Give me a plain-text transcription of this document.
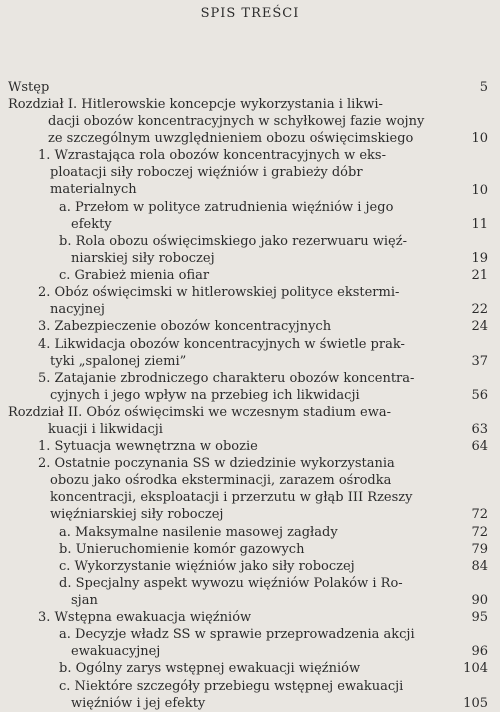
SPIS TREŚCI
Wstęp	5
Rozdział I. Hitlerowskie koncepcje wykorzystania i likwi-
dacji obozów koncentracyjnych w schyłkowej fazie wojny
ze szczególnym uwzględnieniem obozu oświęcimskiego	10
1. Wzrastająca rola obozów koncentracyjnych w eks-
ploatacji siły roboczej więźniów i grabieży dóbr
materialnych	10
a. Przełom w polityce zatrudnienia więźniów i jego
efekty	11
b. Rola obozu oświęcimskiego jako rezerwuaru więź-
niarskiej siły roboczej	19
c. Grabież mienia ofiar	21
2. Obóz oświęcimski w hitlerowskiej polityce ekstermi-
nacyjnej	22
3. Zabezpieczenie obozów koncentracyjnych	24
4. Likwidacja obozów koncentracyjnych w świetle prak-
tyki „spalonej ziemi”	37
5. Zatajanie zbrodniczego charakteru obozów koncentra-
cyjnych i jego wpływ na przebieg ich likwidacji	56
Rozdział II. Obóz oświęcimski we wczesnym stadium ewa-
kuacji i likwidacji	63
1. Sytuacja wewnętrzna w obozie	64
2. Ostatnie poczynania SS w dziedzinie wykorzystania
obozu jako ośrodka eksterminacji, zarazem ośrodka
koncentracji, eksploatacji i przerzutu w głąb III Rzeszy
więźniarskiej siły roboczej	72
a. Maksymalne nasilenie masowej zagłady	72
b. Unieruchomienie komór gazowych	79
c. Wykorzystanie więźniów jako siły roboczej	84
d. Specjalny aspekt wywozu więźniów Polaków i Ro-
sjan	90
3. Wstępna ewakuacja więźniów	95
a. Decyzje władz SS w sprawie przeprowadzenia akcji
ewakuacyjnej	96
b. Ogólny zarys wstępnej ewakuacji więźniów	104
c. Niektóre szczegóły przebiegu wstępnej ewakuacji
więźniów i jej efekty	105
